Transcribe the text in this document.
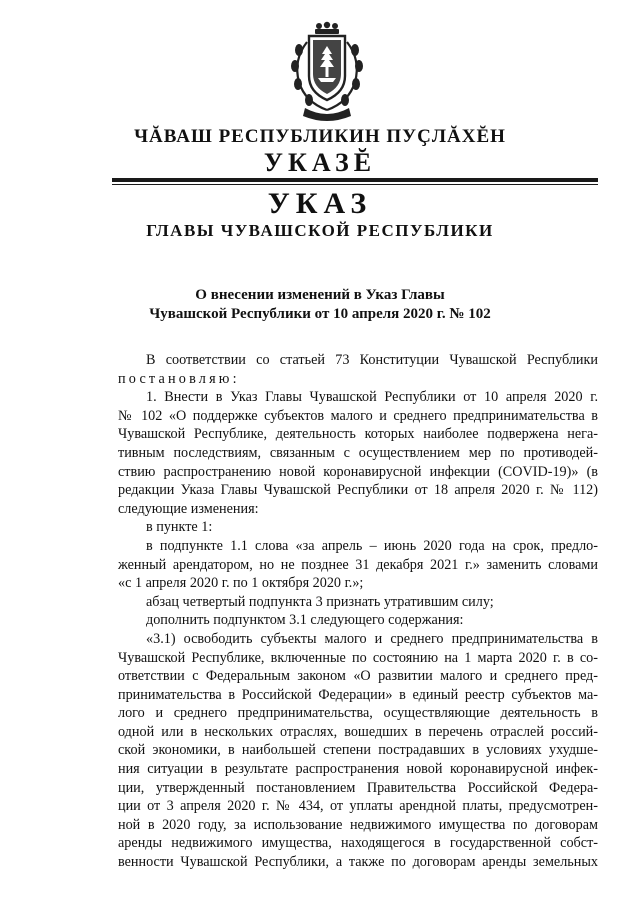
ЧĂВАШ РЕСПУБЛИКИН ПУҪЛĂХĔН
УКАЗĔ
УКАЗ
ГЛАВЫ ЧУВАШСКОЙ РЕСПУБЛИКИ
О внесении изменений в Указ Главы
Чувашской Республики от 10 апреля 2020 г. № 102

В соответствии со статьей 73 Конституции Чувашской Республики

постановляю:

1. Внести в Указ Главы Чувашской Республики от 10 апреля 2020 г.

№ 102 «О поддержке субъектов малого и среднего предпринимательства в

Чувашской Республике, деятельность которых наиболее подвержена нега-

тивным последствиям, связанным с осуществлением мер по противодей-

ствию распространению новой коронавирусной инфекции (COVID-19)» (в

редакции Указа Главы Чувашской Республики от 18 апреля 2020 г. № 112)

следующие изменения:

в пункте 1:

в подпункте 1.1 слова «за апрель – июнь 2020 года на срок, предло-

женный арендатором, но не позднее 31 декабря 2021 г.» заменить словами

«с 1 апреля 2020 г. по 1 октября 2020 г.»;

абзац четвертый подпункта 3 признать утратившим силу;

дополнить подпунктом 3.1 следующего содержания:

«3.1) освободить субъекты малого и среднего предпринимательства в

Чувашской Республике, включенные по состоянию на 1 марта 2020 г. в со-

ответствии с Федеральным законом «О развитии малого и среднего пред-

принимательства в Российской Федерации» в единый реестр субъектов ма-

лого и среднего предпринимательства, осуществляющие деятельность в

одной или в нескольких отраслях, вошедших в перечень отраслей россий-

ской экономики, в наибольшей степени пострадавших в условиях ухудше-

ния ситуации в результате распространения новой коронавирусной инфек-

ции, утвержденный постановлением Правительства Российской Федера-

ции от 3 апреля 2020 г. № 434, от уплаты арендной платы, предусмотрен-

ной в 2020 году, за использование недвижимого имущества по договорам

аренды недвижимого имущества, находящегося в государственной собст-

венности Чувашской Республики, а также по договорам аренды земельных
